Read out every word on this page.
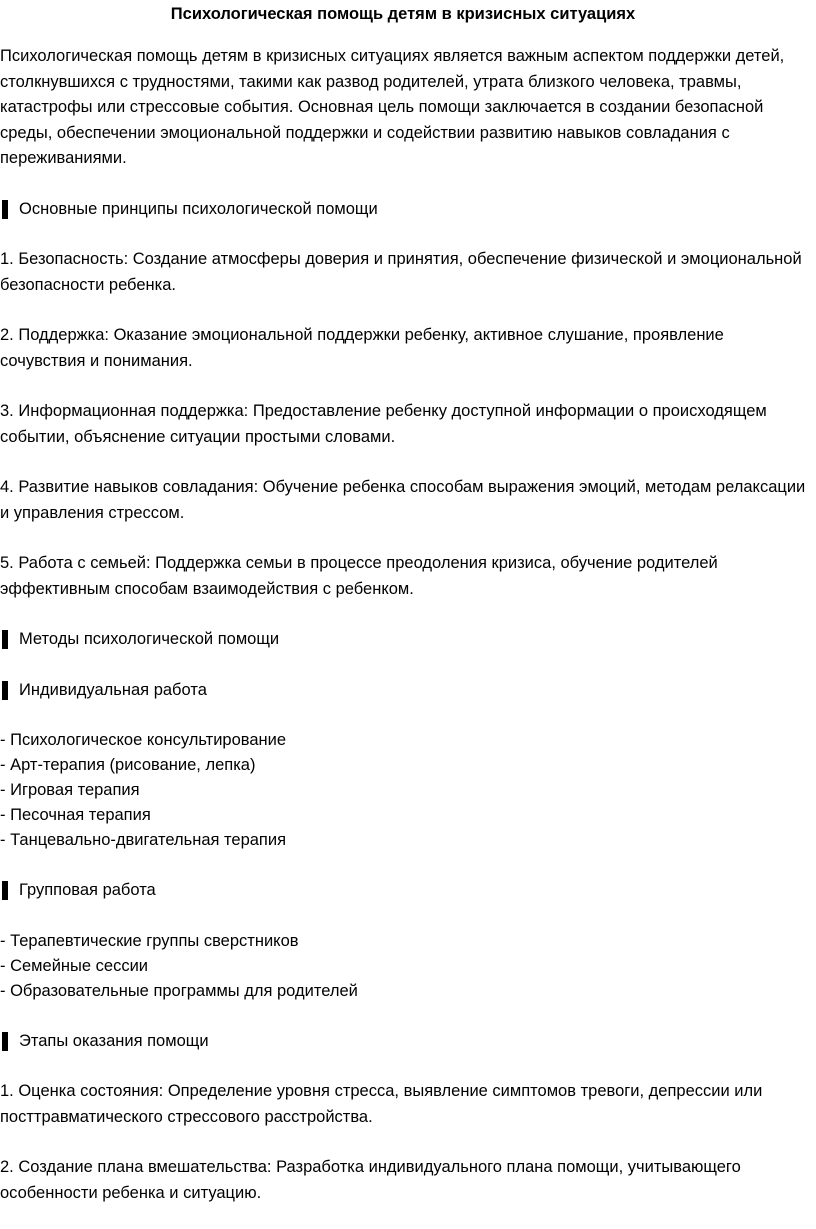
Психологическая помощь детям в кризисных ситуациях

Психологическая помощь детям в кризисных ситуациях является важным аспектом поддержки детей, столкнувшихся с трудностями, такими как развод родителей, утрата близкого человека, травмы, катастрофы или стрессовые события. Основная цель помощи заключается в создании безопасной среды, обеспечении эмоциональной поддержки и содействии развитию навыков совладания с переживаниями.

Основные принципы психологической помощи

1. Безопасность: Создание атмосферы доверия и принятия, обеспечение физической и эмоциональной безопасности ребенка.

2. Поддержка: Оказание эмоциональной поддержки ребенку, активное слушание, проявление сочувствия и понимания.

3. Информационная поддержка: Предоставление ребенку доступной информации о происходящем событии, объяснение ситуации простыми словами.

4. Развитие навыков совладания: Обучение ребенка способам выражения эмоций, методам релаксации и управления стрессом.

5. Работа с семьей: Поддержка семьи в процессе преодоления кризиса, обучение родителей эффективным способам взаимодействия с ребенком.

Методы психологической помощи
Индивидуальная работа
- Психологическое консультирование
- Арт-терапия (рисование, лепка)
- Игровая терапия
- Песочная терапия
- Танцевально-двигательная терапия
Групповая работа
- Терапевтические группы сверстников
- Семейные сессии
- Образовательные программы для родителей
Этапы оказания помощи

1. Оценка состояния: Определение уровня стресса, выявление симптомов тревоги, депрессии или посттравматического стрессового расстройства.

2. Создание плана вмешательства: Разработка индивидуального плана помощи, учитывающего особенности ребенка и ситуацию.
